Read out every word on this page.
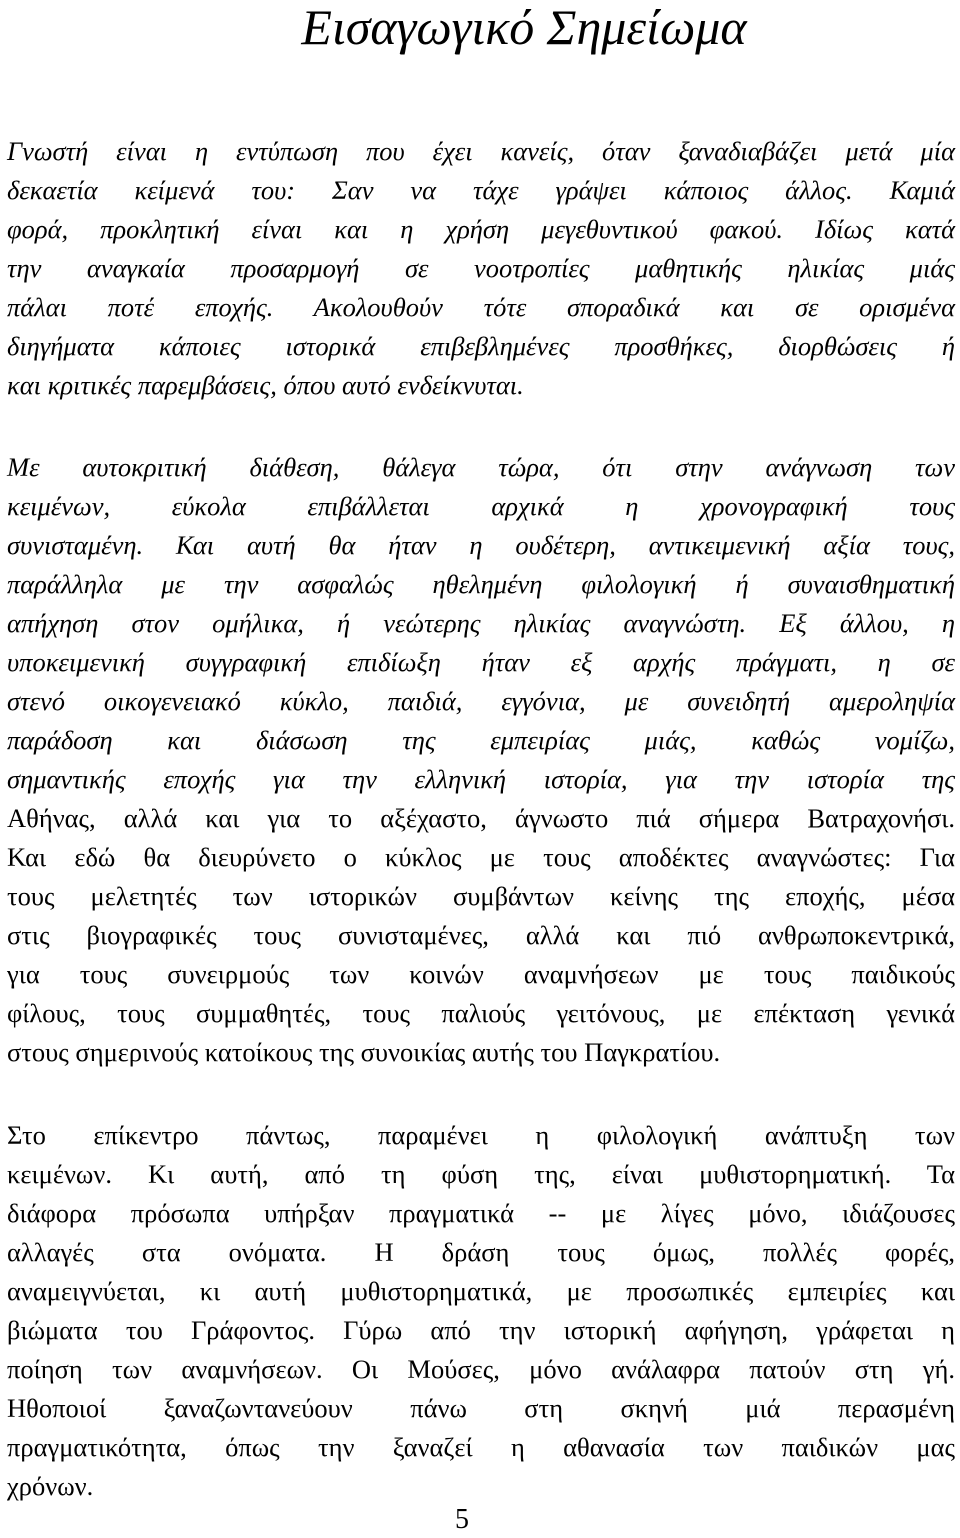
Εισαγωγικό Σημείωμα

Γνωστή είναι η εντύπωση που έχει κανείς, όταν ξαναδιαβάζει μετά μία
δεκαετία κείμενά του: Σαν να τάχε γράψει κάποιος άλλος. Καμιά
φορά, προκλητική είναι και η χρήση μεγεθυντικού φακού. Ιδίως κατά
την αναγκαία προσαρμογή σε νοοτροπίες μαθητικής ηλικίας μιάς
πάλαι ποτέ εποχής. Ακολουθούν τότε σποραδικά και σε ορισμένα
διηγήματα κάποιες ιστορικά επιβεβλημένες προσθήκες, διορθώσεις ή
και κριτικές παρεμβάσεις, όπου αυτό ενδείκνυται.

Με αυτοκριτική διάθεση, θάλεγα τώρα, ότι στην ανάγνωση των
κειμένων, εύκολα επιβάλλεται αρχικά η χρονογραφική τους
συνισταμένη. Και αυτή θα ήταν η ουδέτερη, αντικειμενική αξία τους,
παράλληλα με την ασφαλώς ηθελημένη φιλολογική ή συναισθηματική
απήχηση στον ομήλικα, ή νεώτερης ηλικίας αναγνώστη. Εξ άλλου, η
υποκειμενική συγγραφική επιδίωξη ήταν εξ αρχής πράγματι, η σε
στενό οικογενειακό κύκλο, παιδιά, εγγόνια, με συνειδητή αμεροληψία
παράδοση και διάσωση της εμπειρίας μιάς, καθώς νομίζω,
σημαντικής εποχής για την ελληνική ιστορία, για την ιστορία της
Αθήνας, αλλά και για το αξέχαστο, άγνωστο πιά σήμερα Βατραχονήσι.
Και εδώ θα διευρύνετο ο κύκλος με τους αποδέκτες αναγνώστες: Για
τους μελετητές των ιστορικών συμβάντων κείνης της εποχής, μέσα
στις βιογραφικές τους συνισταμένες, αλλά και πιό ανθρωποκεντρικά,
για τους συνειρμούς των κοινών αναμνήσεων με τους παιδικούς
φίλους, τους συμμαθητές, τους παλιούς γειτόνους, με επέκταση γενικά
στους σημερινούς κατοίκους της συνοικίας αυτής του Παγκρατίου.

Στο επίκεντρο πάντως, παραμένει η φιλολογική ανάπτυξη των
κειμένων. Κι αυτή, από τη φύση της, είναι μυθιστορηματική. Τα
διάφορα πρόσωπα υπήρξαν πραγματικά -- με λίγες μόνο, ιδιάζουσες
αλλαγές στα ονόματα. Η δράση τους όμως, πολλές φορές,
αναμειγνύεται, κι αυτή μυθιστορηματικά, με προσωπικές εμπειρίες και
βιώματα του Γράφοντος. Γύρω από την ιστορική αφήγηση, γράφεται η
ποίηση των αναμνήσεων. Οι Μούσες, μόνο ανάλαφρα πατούν στη γή.
Ηθοποιοί ξαναζωντανεύουν πάνω στη σκηνή μιά περασμένη
πραγματικότητα, όπως την ξαναζεί η αθανασία των παιδικών μας
χρόνων.

5
